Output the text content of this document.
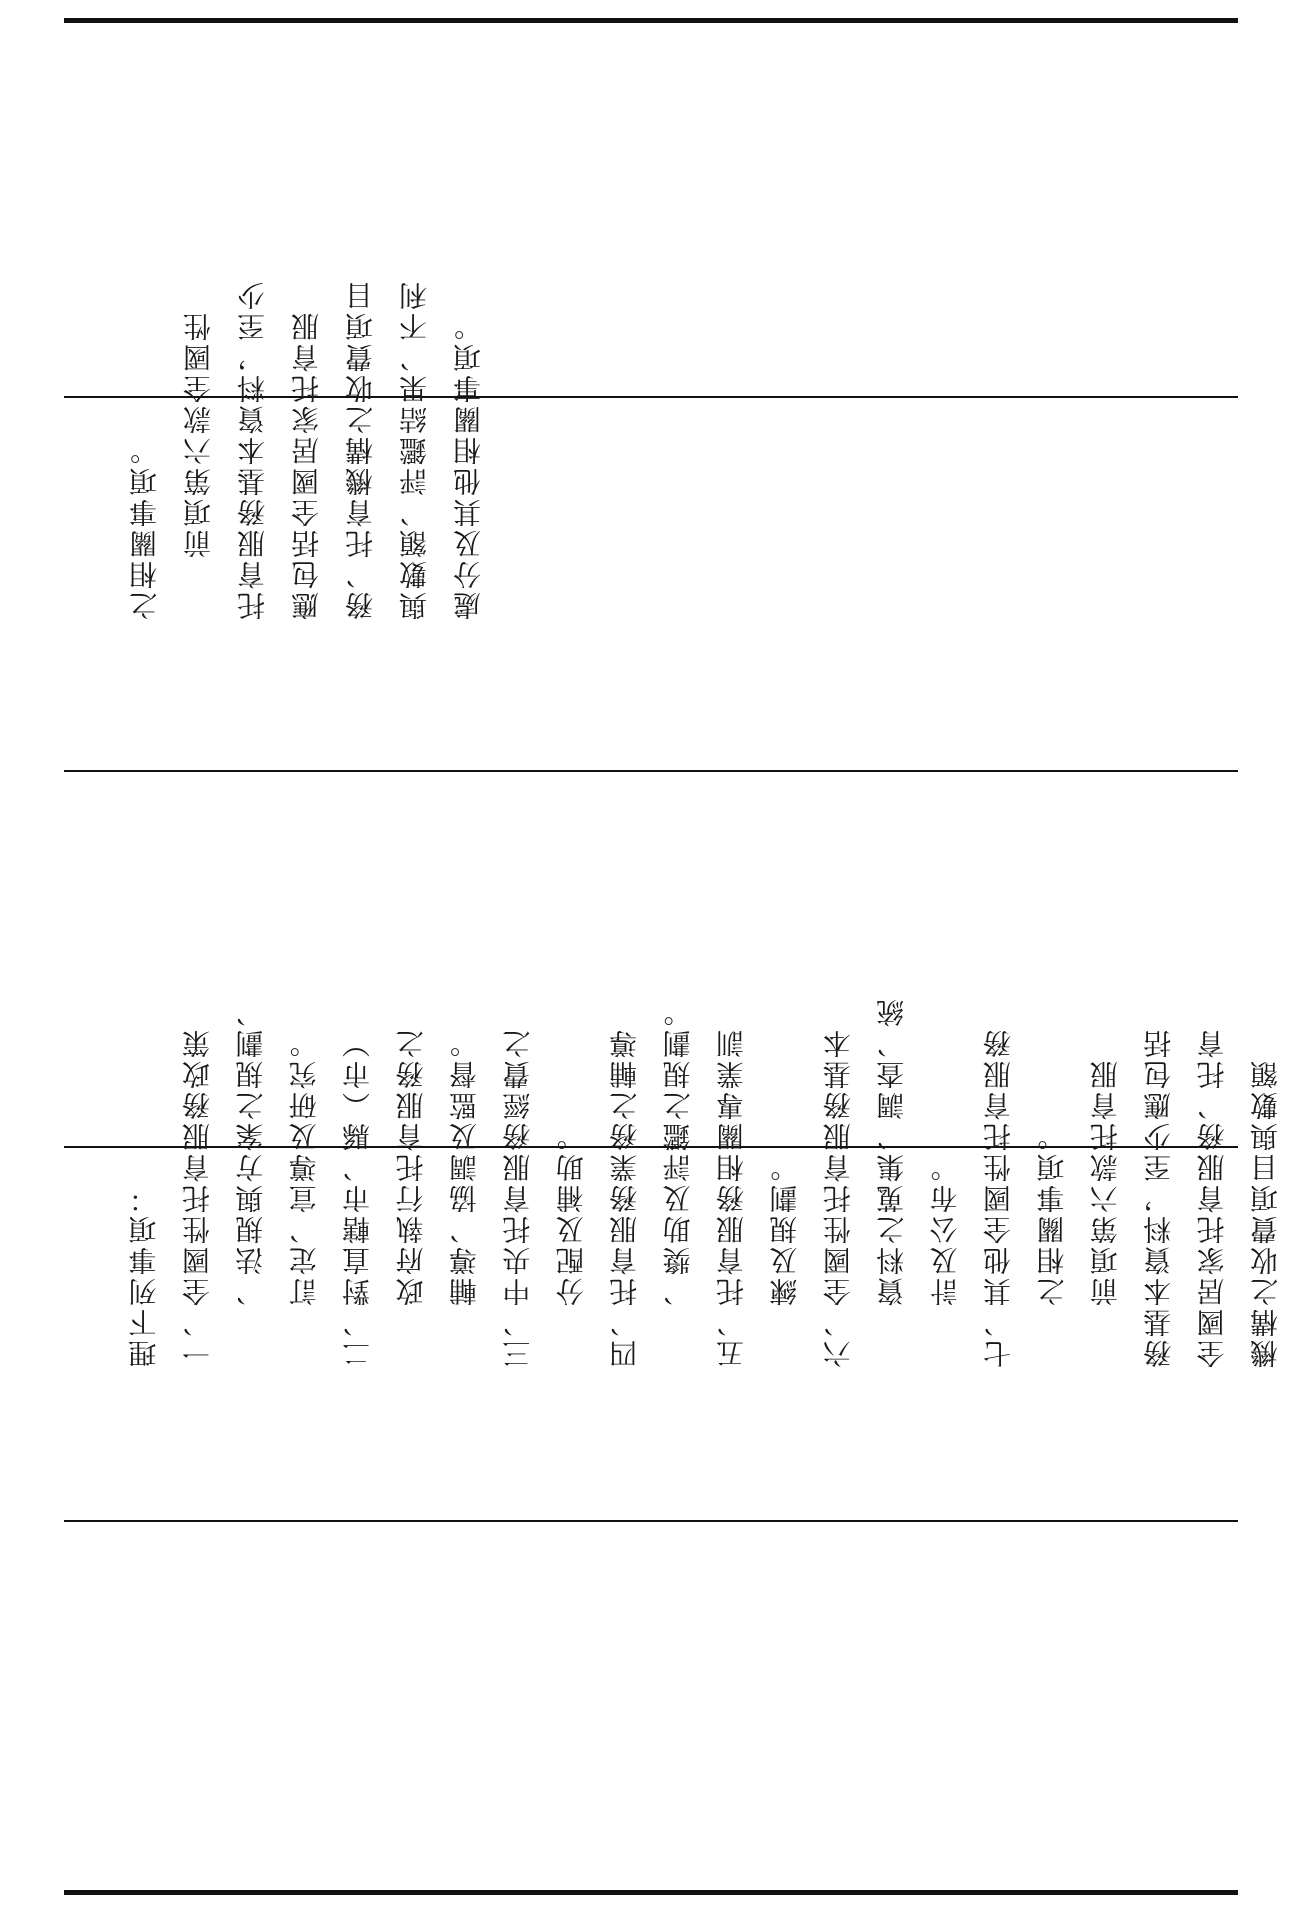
之相關事項。
　　前項第六款全國性 托育服務基本資料，至少 應包括全國居家托育服 務、托育機構之收費項目 與數額、評鑑結果、不利 處分及其他相關事項。

理下列事項： 一、全國性托育服務政策
　　、法規與方案之規劃、
　　訂定、宣導及研究。 二、對直轄市、縣（市）
　　政府執行托育服務之
　　輔導、協調及監督。 三、中央托育服務經費之
　　分配及補助。 四、托育服務業務之輔導
　　、獎助及評鑑之規劃。 五、托育服務相關專業訓
　　練及規劃。 六、全國性托育服務基本
　　資料之蒐集、調查、統
　　計及公布。 七、其他全國性托育服務
　　之相關事項。
　　前項第六款托育服 務基本資料，至少應包括 全國居家托育服務、托育 機構之收費項目與數額
